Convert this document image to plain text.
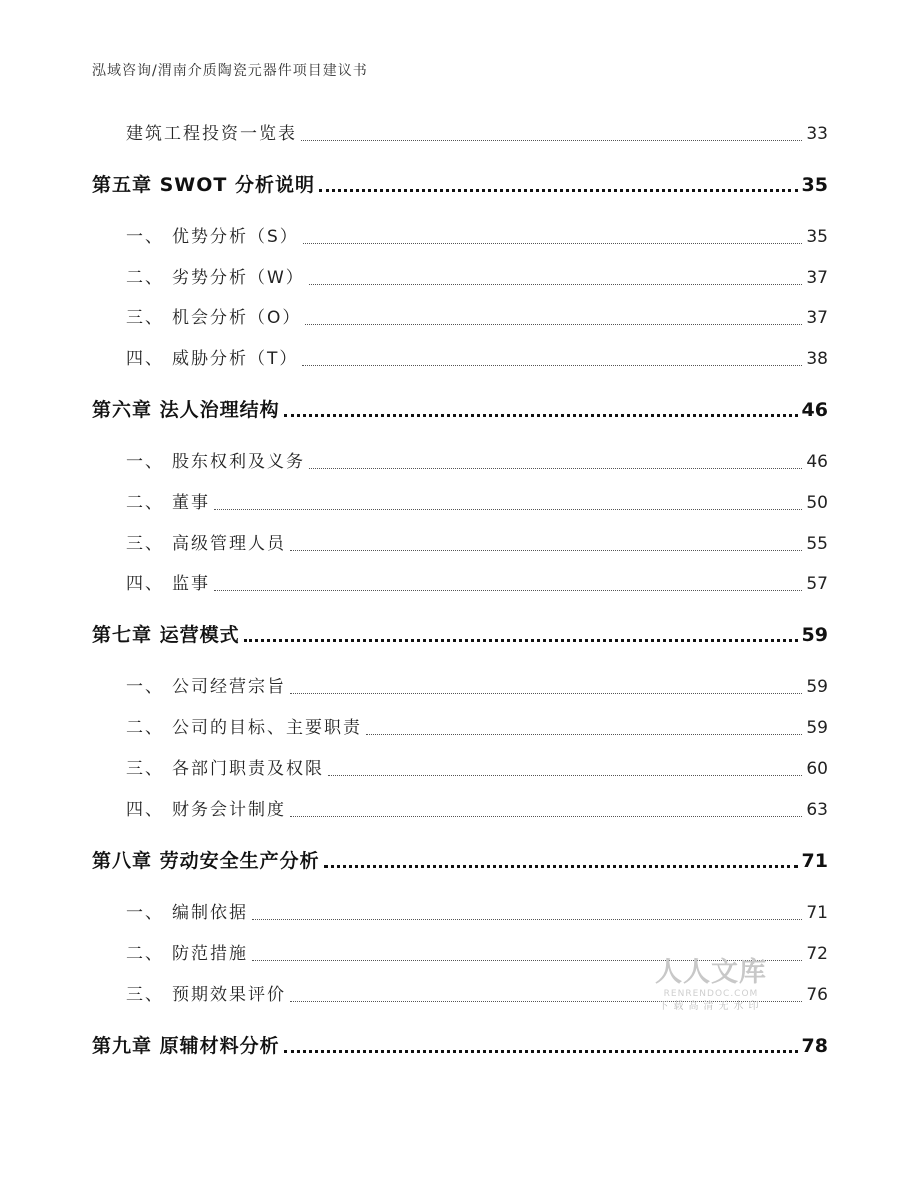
泓域咨询/渭南介质陶瓷元器件项目建议书
建筑工程投资一览表	33
第五章 SWOT 分析说明	35
一、 优势分析（S）	35
二、 劣势分析（W）	37
三、 机会分析（O）	37
四、 威胁分析（T）	38
第六章 法人治理结构	46
一、 股东权利及义务	46
二、 董事	50
三、 高级管理人员	55
四、 监事	57
第七章 运营模式	59
一、 公司经营宗旨	59
二、 公司的目标、主要职责	59
三、 各部门职责及权限	60
四、 财务会计制度	63
第八章 劳动安全生产分析	71
一、 编制依据	71
二、 防范措施	72
三、 预期效果评价	76
第九章 原辅材料分析	78
人人文库
RENRENDOC.COM
下载高清无水印
